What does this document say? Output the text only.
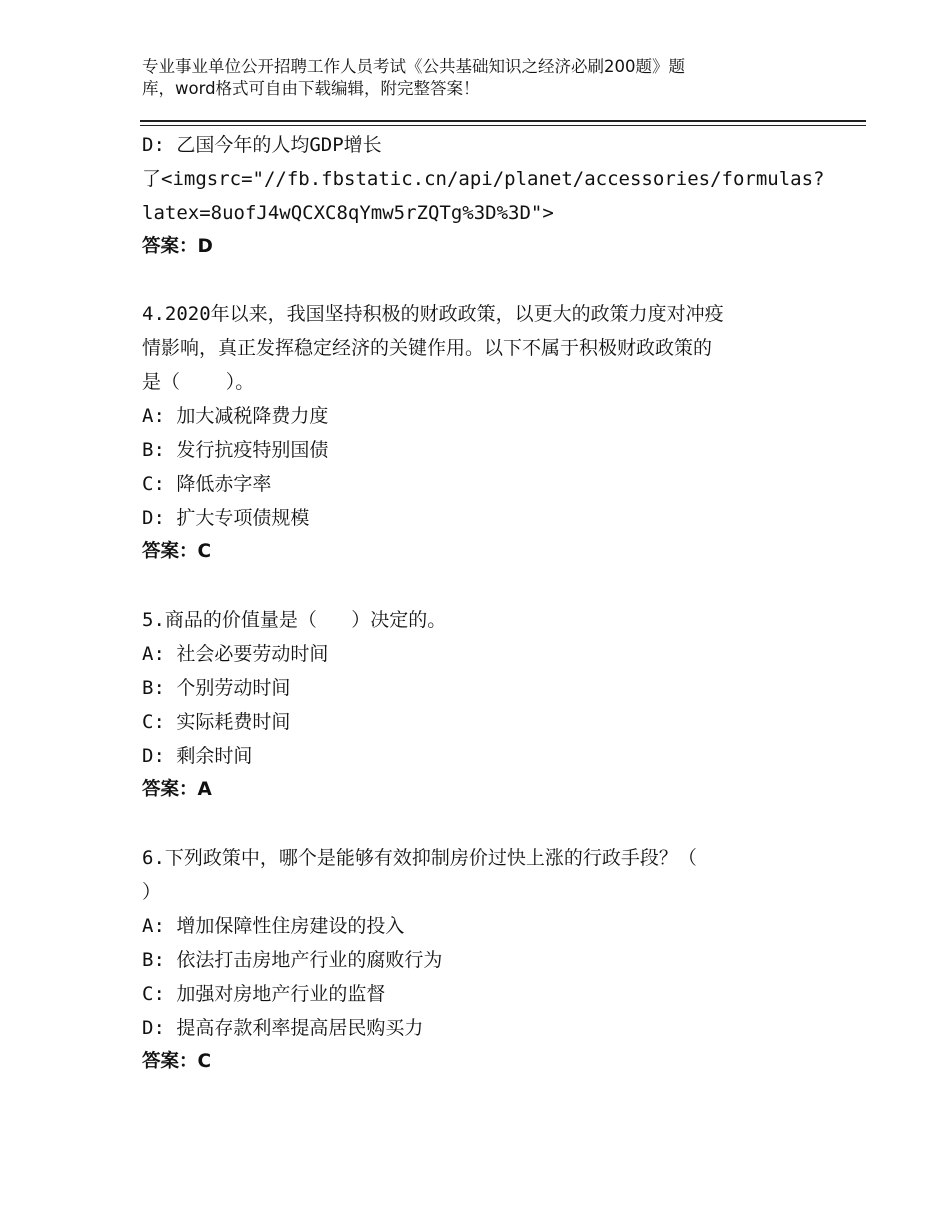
专业事业单位公开招聘工作人员考试《公共基础知识之经济必刷200题》题
库，word格式可自由下载编辑，附完整答案！
D: 乙国今年的人均GDP增长
了<imgsrc="//fb.fbstatic.cn/api/planet/accessories/formulas?
latex=8uofJ4wQCXC8qYmw5rZQTg%3D%3D">
答案：D
4.2020年以来，我国坚持积极的财政政策，以更大的政策力度对冲疫
情影响，真正发挥稳定经济的关键作用。以下不属于积极财政政策的
是（    ）。
A: 加大减税降费力度
B: 发行抗疫特别国债
C: 降低赤字率
D: 扩大专项债规模
答案：C
5.商品的价值量是（   ）决定的。
A: 社会必要劳动时间
B: 个别劳动时间
C: 实际耗费时间
D: 剩余时间
答案：A
6.下列政策中，哪个是能够有效抑制房价过快上涨的行政手段？（
）
A: 增加保障性住房建设的投入
B: 依法打击房地产行业的腐败行为
C: 加强对房地产行业的监督
D: 提高存款利率提高居民购买力
答案：C
